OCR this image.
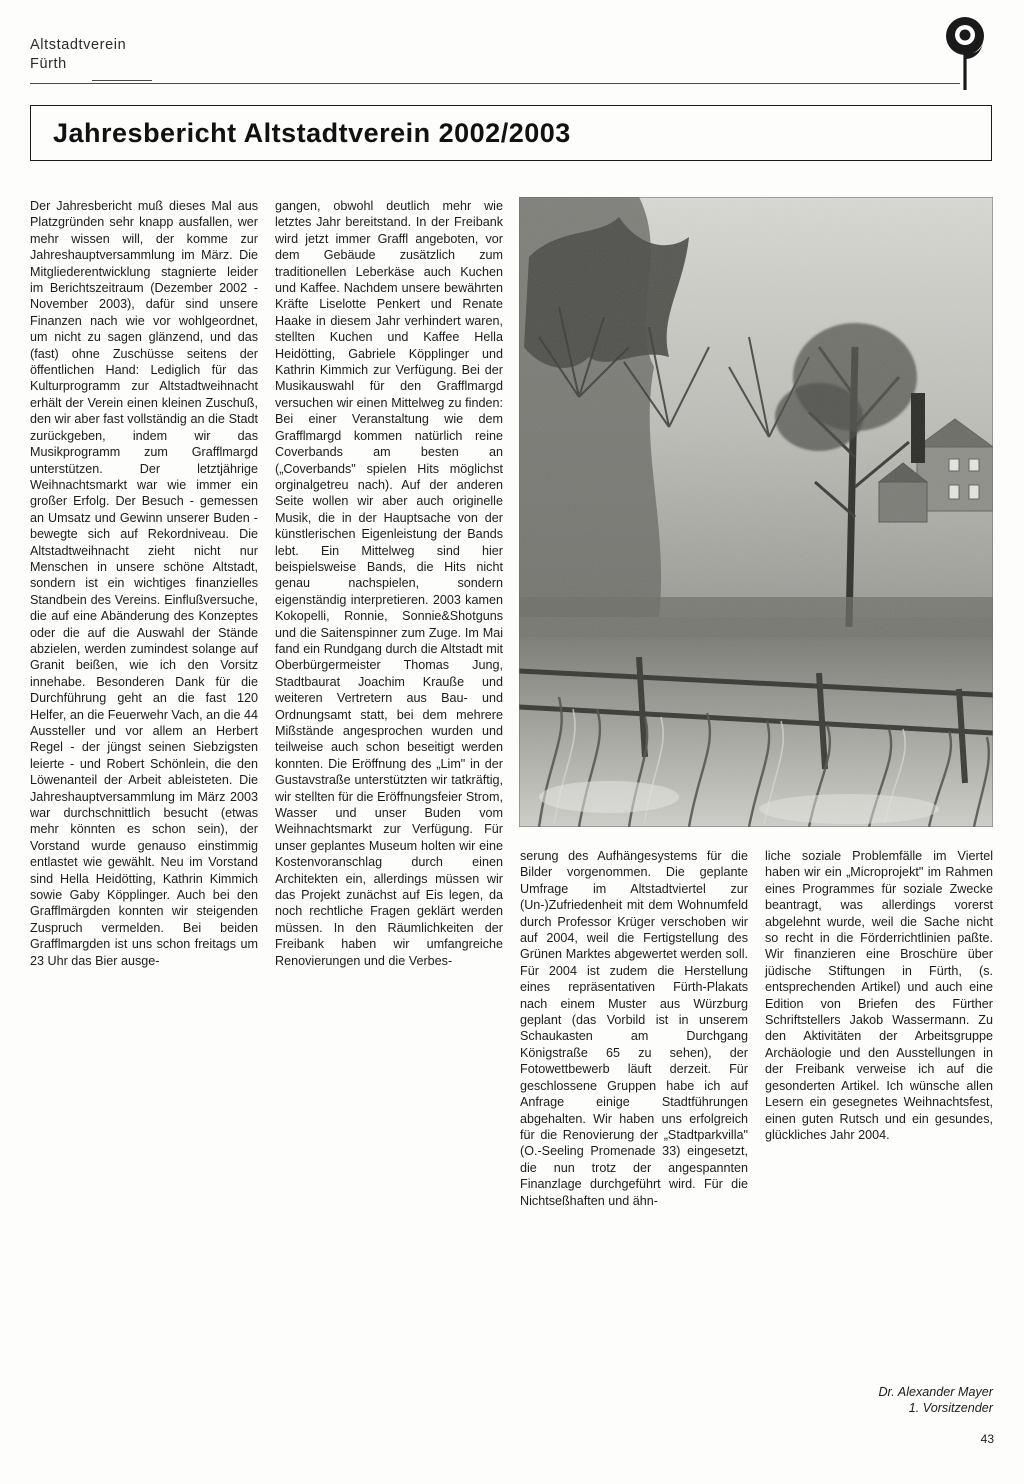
Altstadtverein
Fürth
Jahresbericht Altstadtverein 2002/2003

Der Jahresbericht muß dieses Mal aus Platzgründen sehr knapp ausfallen, wer mehr wissen will, der komme zur Jahreshauptversammlung im März. Die Mitgliederentwicklung stagnierte leider im Berichtszeitraum (Dezember 2002 - November 2003), dafür sind unsere Finanzen nach wie vor wohlgeordnet, um nicht zu sagen glänzend, und das (fast) ohne Zuschüsse seitens der öffentlichen Hand: Lediglich für das Kulturprogramm zur Altstadtweihnacht erhält der Verein einen kleinen Zuschuß, den wir aber fast vollständig an die Stadt zurückgeben, indem wir das Musikprogramm zum Grafflmargd unterstützen. Der letztjährige Weihnachtsmarkt war wie immer ein großer Erfolg. Der Besuch - gemessen an Umsatz und Gewinn unserer Buden - bewegte sich auf Rekordniveau. Die Altstadtweihnacht zieht nicht nur Menschen in unsere schöne Altstadt, sondern ist ein wichtiges finanzielles Standbein des Vereins. Einflußversuche, die auf eine Abänderung des Konzeptes oder die auf die Auswahl der Stände abzielen, werden zumindest solange auf Granit beißen, wie ich den Vorsitz innehabe. Besonderen Dank für die Durchführung geht an die fast 120 Helfer, an die Feuerwehr Vach, an die 44 Aussteller und vor allem an Herbert Regel - der jüngst seinen Siebzigsten leierte - und Robert Schönlein, die den Löwenanteil der Arbeit ableisteten. Die Jahreshauptversammlung im März 2003 war durchschnittlich besucht (etwas mehr könnten es schon sein), der Vorstand wurde genauso einstimmig entlastet wie gewählt. Neu im Vorstand sind Hella Heidötting, Kathrin Kimmich sowie Gaby Köpplinger. Auch bei den Grafflmärgden konnten wir steigenden Zuspruch vermelden. Bei beiden Grafflmargden ist uns schon freitags um 23 Uhr das Bier ausge-

gangen, obwohl deutlich mehr wie letztes Jahr bereitstand. In der Freibank wird jetzt immer Graffl angeboten, vor dem Gebäude zusätzlich zum traditionellen Leberkäse auch Kuchen und Kaffee. Nachdem unsere bewährten Kräfte Liselotte Penkert und Renate Haake in diesem Jahr verhindert waren, stellten Kuchen und Kaffee Hella Heidötting, Gabriele Köpplinger und Kathrin Kimmich zur Verfügung. Bei der Musikauswahl für den Grafflmargd versuchen wir einen Mittelweg zu finden: Bei einer Veranstaltung wie dem Grafflmargd kommen natürlich reine Coverbands am besten an („Coverbands" spielen Hits möglichst orginalgetreu nach). Auf der anderen Seite wollen wir aber auch originelle Musik, die in der Hauptsache von der künstlerischen Eigenleistung der Bands lebt. Ein Mittelweg sind hier beispielsweise Bands, die Hits nicht genau nachspielen, sondern eigenständig interpretieren. 2003 kamen Kokopelli, Ronnie, Sonnie&Shotguns und die Saitenspinner zum Zuge. Im Mai fand ein Rundgang durch die Altstadt mit Oberbürgermeister Thomas Jung, Stadtbaurat Joachim Krauße und weiteren Vertretern aus Bau- und Ordnungsamt statt, bei dem mehrere Mißstände angesprochen wurden und teilweise auch schon beseitigt werden konnten. Die Eröffnung des „Lim" in der Gustavstraße unterstützten wir tatkräftig, wir stellten für die Eröffnungsfeier Strom, Wasser und unser Buden vom Weihnachtsmarkt zur Verfügung. Für unser geplantes Museum holten wir eine Kostenvoranschlag durch einen Architekten ein, allerdings müssen wir das Projekt zunächst auf Eis legen, da noch rechtliche Fragen geklärt werden müssen. In den Räumlichkeiten der Freibank haben wir umfangreiche Renovierungen und die Verbes-

serung des Aufhängesystems für die Bilder vorgenommen. Die geplante Umfrage im Altstadtviertel zur (Un-)Zufriedenheit mit dem Wohnumfeld durch Professor Krüger verschoben wir auf 2004, weil die Fertigstellung des Grünen Marktes abgewertet werden soll. Für 2004 ist zudem die Herstellung eines repräsentativen Fürth-Plakats nach einem Muster aus Würzburg geplant (das Vorbild ist in unserem Schaukasten am Durchgang Königstraße 65 zu sehen), der Fotowettbewerb läuft derzeit. Für geschlossene Gruppen habe ich auf Anfrage einige Stadtführungen abgehalten. Wir haben uns erfolgreich für die Renovierung der „Stadtparkvilla" (O.-Seeling Promenade 33) eingesetzt, die nun trotz der angespannten Finanzlage durchgeführt wird. Für die Nichtseßhaften und ähn-

liche soziale Problemfälle im Viertel haben wir ein „Microprojekt" im Rahmen eines Programmes für soziale Zwecke beantragt, was allerdings vorerst abgelehnt wurde, weil die Sache nicht so recht in die Förderrichtlinien paßte. Wir finanzieren eine Broschüre über jüdische Stiftungen in Fürth, (s. entsprechenden Artikel) und auch eine Edition von Briefen des Fürther Schriftstellers Jakob Wassermann. Zu den Aktivitäten der Arbeitsgruppe Archäologie und den Ausstellungen in der Freibank verweise ich auf die gesonderten Artikel. Ich wünsche allen Lesern ein gesegnetes Weihnachtsfest, einen guten Rutsch und ein gesundes, glückliches Jahr 2004.

Dr. Alexander Mayer
1. Vorsitzender
43
